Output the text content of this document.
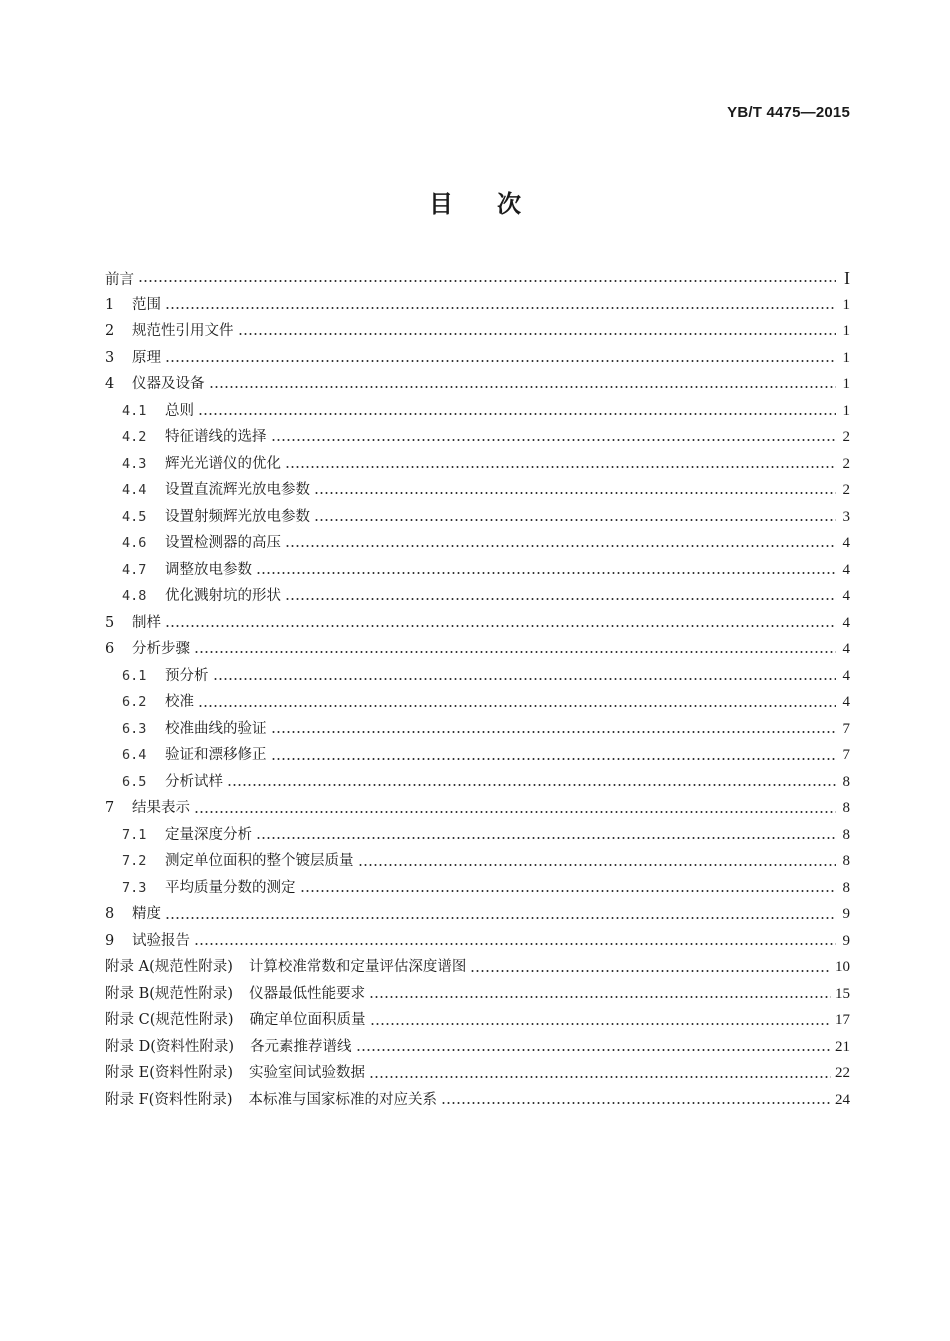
YB/T 4475—2015
目次
前言	I
1	范围	1
2	规范性引用文件	1
3	原理	1
4	仪器及设备	1
4.1	总则	1
4.2	特征谱线的选择	2
4.3	辉光光谱仪的优化	2
4.4	设置直流辉光放电参数	2
4.5	设置射频辉光放电参数	3
4.6	设置检测器的高压	4
4.7	调整放电参数	4
4.8	优化溅射坑的形状	4
5	制样	4
6	分析步骤	4
6.1	预分析	4
6.2	校准	4
6.3	校准曲线的验证	7
6.4	验证和漂移修正	7
6.5	分析试样	8
7	结果表示	8
7.1	定量深度分析	8
7.2	测定单位面积的整个镀层质量	8
7.3	平均质量分数的测定	8
8	精度	9
9	试验报告	9
附录 A(规范性附录) 计算校准常数和定量评估深度谱图	10
附录 B(规范性附录) 仪器最低性能要求	15
附录 C(规范性附录) 确定单位面积质量	17
附录 D(资料性附录) 各元素推荐谱线	21
附录 E(资料性附录) 实验室间试验数据	22
附录 F(资料性附录) 本标准与国家标准的对应关系	24
